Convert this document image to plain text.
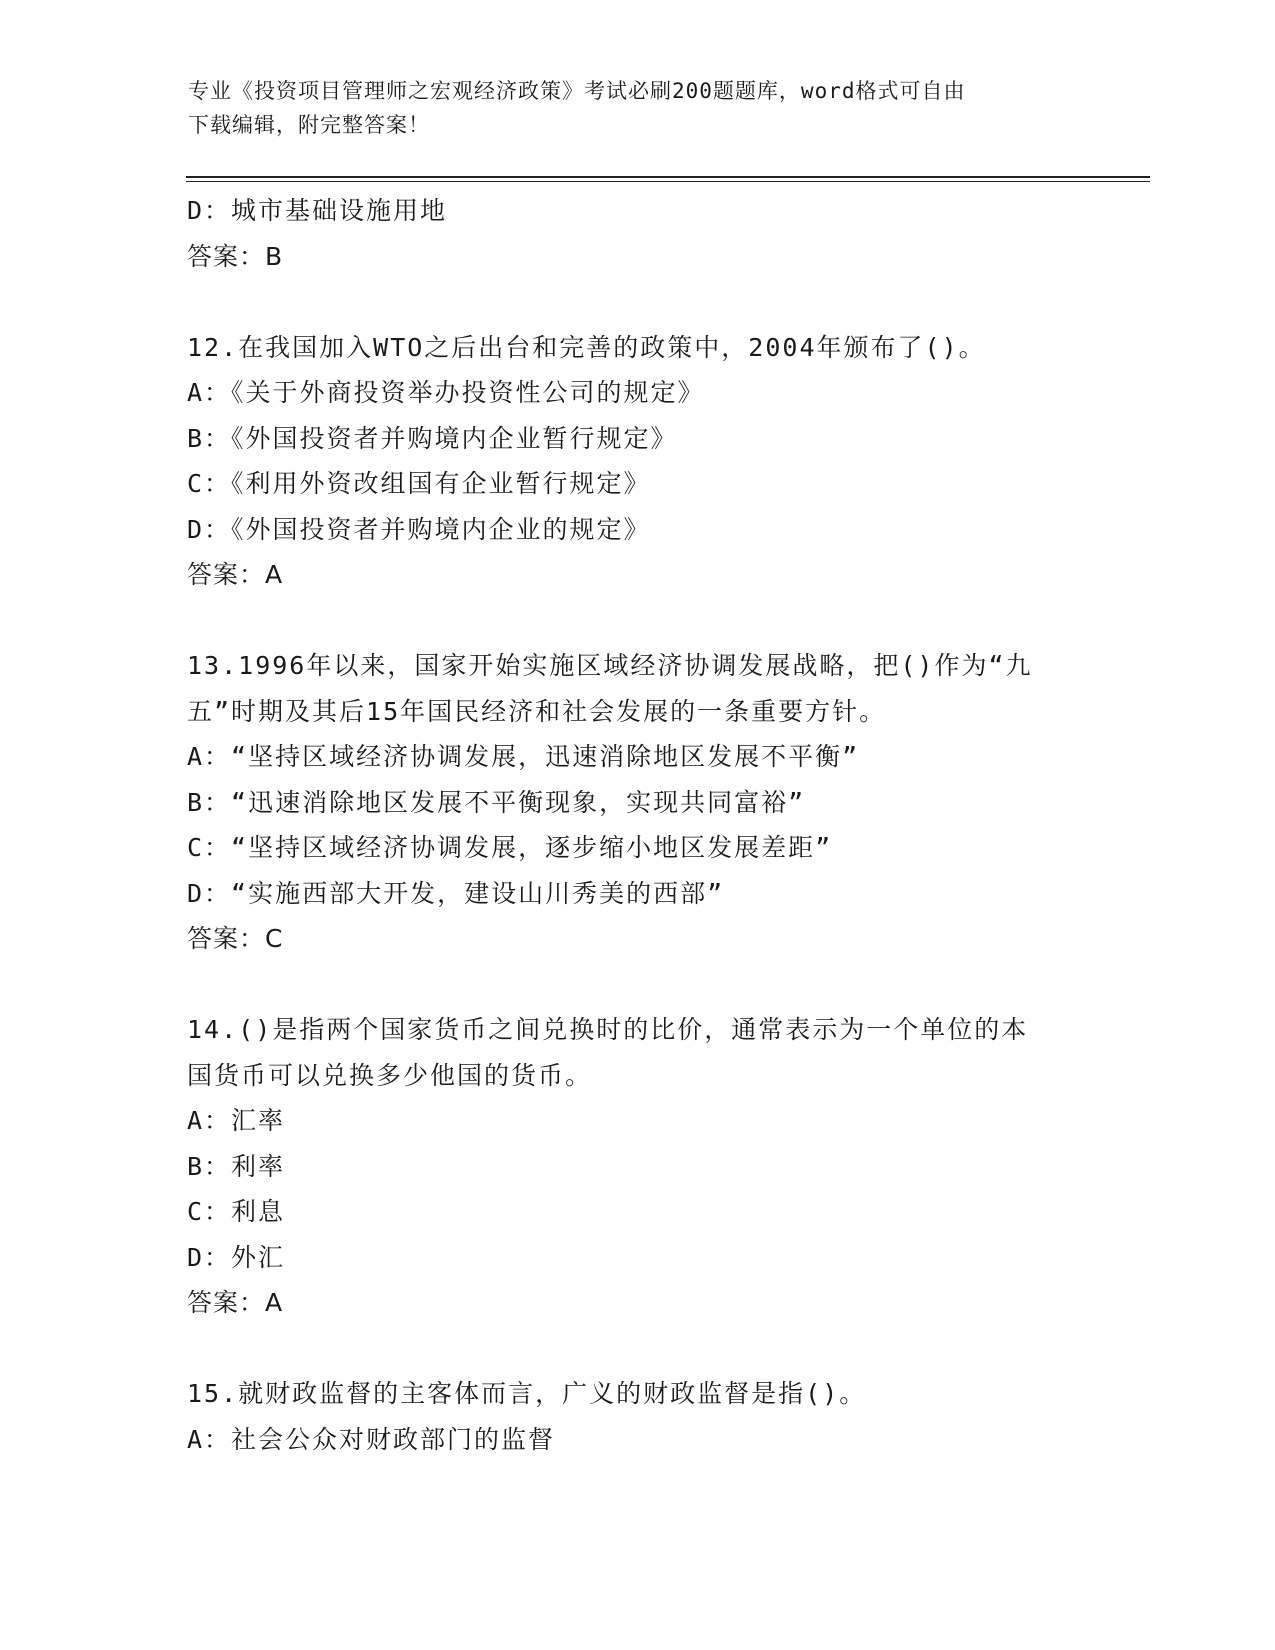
专业《投资项目管理师之宏观经济政策》考试必刷200题题库，word格式可自由
下载编辑，附完整答案！
D：城市基础设施用地
答案：B
12.在我国加入WTO之后出台和完善的政策中，2004年颁布了()。
A：《关于外商投资举办投资性公司的规定》
B：《外国投资者并购境内企业暂行规定》
C：《利用外资改组国有企业暂行规定》
D：《外国投资者并购境内企业的规定》
答案：A
13.1996年以来，国家开始实施区域经济协调发展战略，把()作为“九
五”时期及其后15年国民经济和社会发展的一条重要方针。
A：“坚持区域经济协调发展，迅速消除地区发展不平衡”
B：“迅速消除地区发展不平衡现象，实现共同富裕”
C：“坚持区域经济协调发展，逐步缩小地区发展差距”
D：“实施西部大开发，建设山川秀美的西部”
答案：C
14.()是指两个国家货币之间兑换时的比价，通常表示为一个单位的本
国货币可以兑换多少他国的货币。
A：汇率
B：利率
C：利息
D：外汇
答案：A
15.就财政监督的主客体而言，广义的财政监督是指()。
A：社会公众对财政部门的监督
